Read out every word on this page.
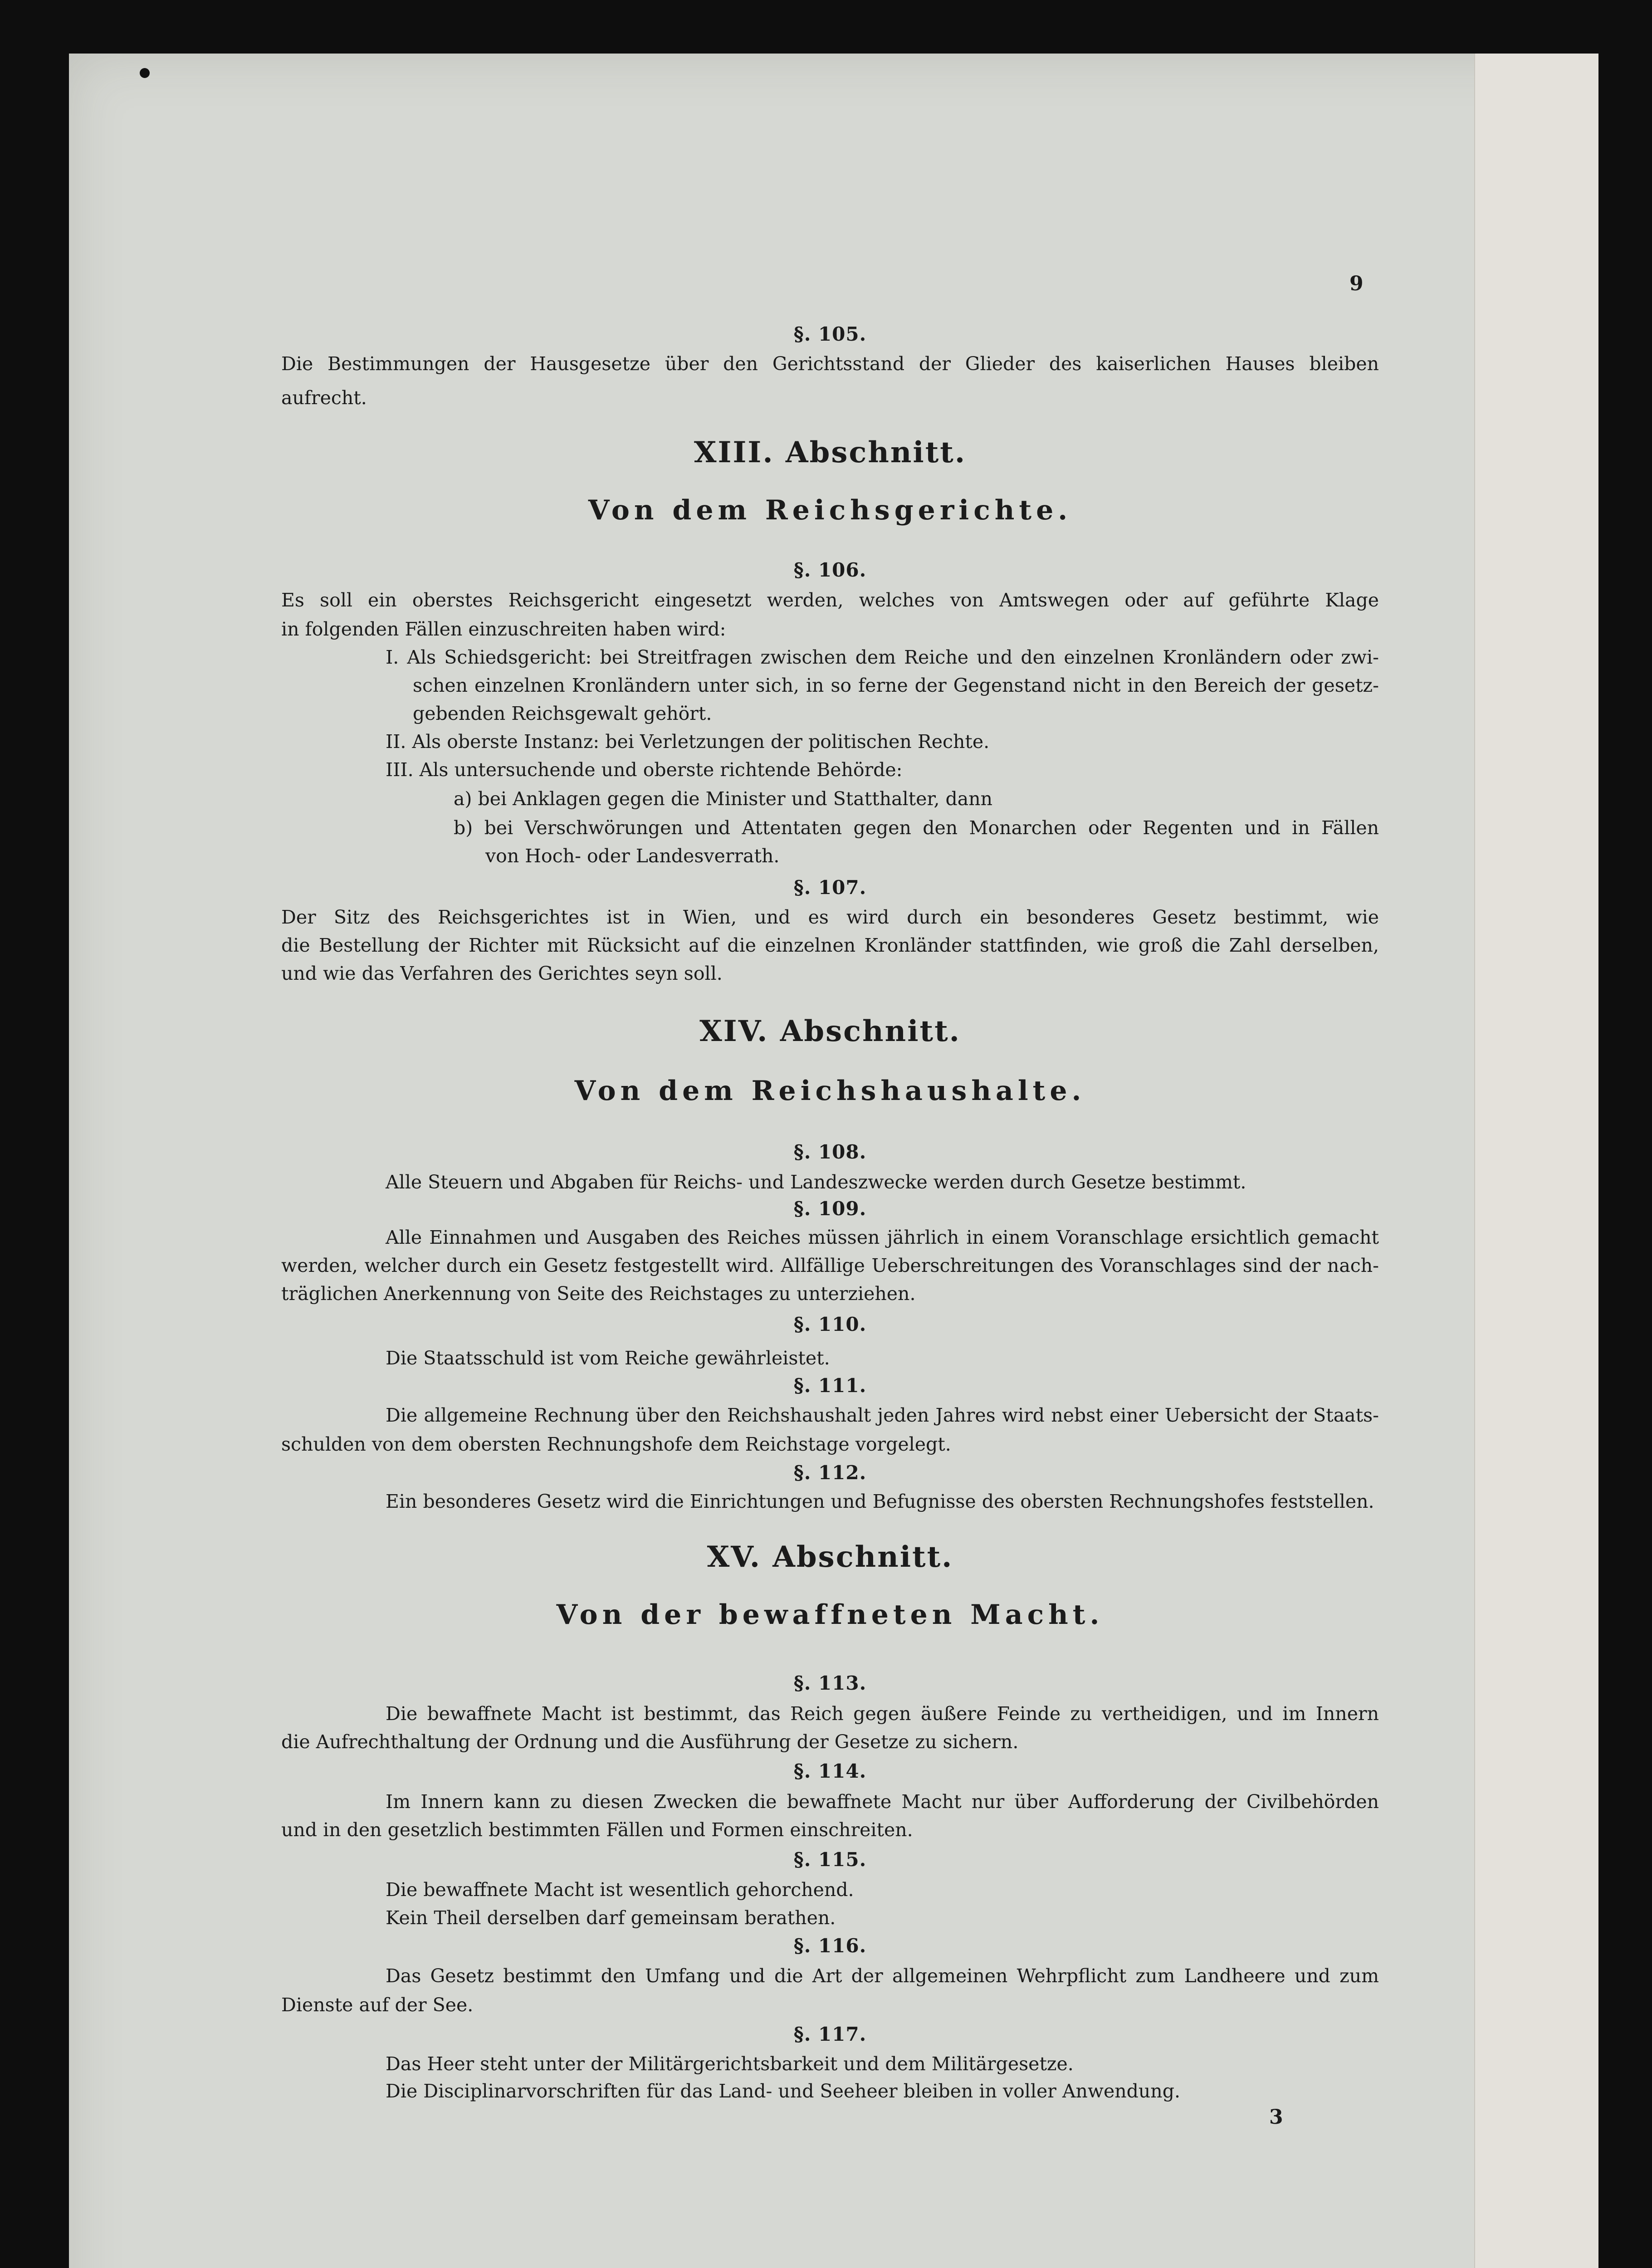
9
§. 105.
Die Bestimmungen der Hausgesetze über den Gerichtsstand der Glieder des kaiserlichen Hauses bleiben
aufrecht.
XIII. Abschnitt.
Von dem Reichsgerichte.
§. 106.
Es soll ein oberstes Reichsgericht eingesetzt werden, welches von Amtswegen oder auf geführte Klage
in folgenden Fällen einzuschreiten haben wird:
I. Als Schiedsgericht: bei Streitfragen zwischen dem Reiche und den einzelnen Kronländern oder zwi-
schen einzelnen Kronländern unter sich, in so ferne der Gegenstand nicht in den Bereich der gesetz-
gebenden Reichsgewalt gehört.
II. Als oberste Instanz: bei Verletzungen der politischen Rechte.
III. Als untersuchende und oberste richtende Behörde:
a) bei Anklagen gegen die Minister und Statthalter, dann
b) bei Verschwörungen und Attentaten gegen den Monarchen oder Regenten und in Fällen
von Hoch- oder Landesverrath.
§. 107.
Der Sitz des Reichsgerichtes ist in Wien, und es wird durch ein besonderes Gesetz bestimmt, wie
die Bestellung der Richter mit Rücksicht auf die einzelnen Kronländer stattfinden, wie groß die Zahl derselben,
und wie das Verfahren des Gerichtes seyn soll.
XIV. Abschnitt.
Von dem Reichshaushalte.
§. 108.
Alle Steuern und Abgaben für Reichs- und Landeszwecke werden durch Gesetze bestimmt.
§. 109.
Alle Einnahmen und Ausgaben des Reiches müssen jährlich in einem Voranschlage ersichtlich gemacht
werden, welcher durch ein Gesetz festgestellt wird. Allfällige Ueberschreitungen des Voranschlages sind der nach-
träglichen Anerkennung von Seite des Reichstages zu unterziehen.
§. 110.
Die Staatsschuld ist vom Reiche gewährleistet.
§. 111.
Die allgemeine Rechnung über den Reichshaushalt jeden Jahres wird nebst einer Uebersicht der Staats-
schulden von dem obersten Rechnungshofe dem Reichstage vorgelegt.
§. 112.
Ein besonderes Gesetz wird die Einrichtungen und Befugnisse des obersten Rechnungshofes feststellen.
XV. Abschnitt.
Von der bewaffneten Macht.
§. 113.
Die bewaffnete Macht ist bestimmt, das Reich gegen äußere Feinde zu vertheidigen, und im Innern
die Aufrechthaltung der Ordnung und die Ausführung der Gesetze zu sichern.
§. 114.
Im Innern kann zu diesen Zwecken die bewaffnete Macht nur über Aufforderung der Civilbehörden
und in den gesetzlich bestimmten Fällen und Formen einschreiten.
§. 115.
Die bewaffnete Macht ist wesentlich gehorchend.
Kein Theil derselben darf gemeinsam berathen.
§. 116.
Das Gesetz bestimmt den Umfang und die Art der allgemeinen Wehrpflicht zum Landheere und zum
Dienste auf der See.
§. 117.
Das Heer steht unter der Militärgerichtsbarkeit und dem Militärgesetze.
Die Disciplinarvorschriften für das Land- und Seeheer bleiben in voller Anwendung.
3
